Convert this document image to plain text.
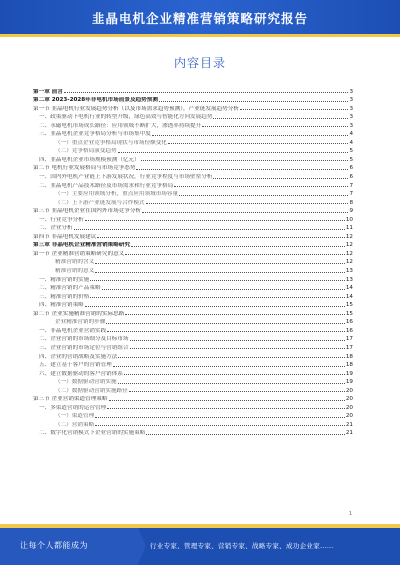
韭晶电机企业精准营销策略研究报告
内容目录
第一章 前言	3
第二章 2023-2028年非电机市场前景及趋势预测	3
第一节 韭晶电机行业发展趋势分析（以及市场需求趋势预测），产业链发展趋势分析	3
一、政策驱动下电机行业的转型升级，绿色高效与智能化方向发展趋势	3
二、永磁电机市场成长路径：应用领域不断扩大，渗透率持续提升	3
三、韭晶电机企业竞争格局分析与市场集中度	4
（一）重点企业竞争格局现状与市场份额变化	4
（二）竞争格局演变趋势	5
四、韭晶电机企业市场规模预测（亿元）	5
第二节 电机行业发展格局与市场竞争态势	6
一、国内外电机产业链上下游发展状况，行业竞争程度与市场壁垒分析	6
二、韭晶电机产品技术路径及市场需求和行业竞争格局	7
（一）主要应用领域分析，重点应用领域市场容量	7
（二）上下游产业链发展与合作模式	8
第三节 韭晶电机企业在国内外市场竞争分析	9
一、行业竞争分析	10
二、企业分析	11
第四节 非晶电机发展建议	12
第三章 非晶电机企业精准营销策略研究	12
第一节 企业精准营销策略研究的意义	12
精准营销的含义	12
精准营销的意义	13
一、精准营销的实施	13
二、精准营销的产品策略	14
三、精准营销的价格	14
四、精准营销策略	15
第二节 企业实施精准营销的实际思路	15
企业精准营销的步骤	16
一、非晶电机企业营销实践	16
二、企业营销的市场细分及目标市场	17
三、企业营销的市场定位与营销组合	17
四、企业的营销战略及实施方法	18
五、建立基于客户的营销管理	18
六、建立数据驱动的客户营销体系	19
（一）数据驱动营销实施	19
（二）数据驱动营销实施路径	20
第三节 企业营销渠道管理策略	20
一、多渠道营销的运营管理	20
（一）渠道管理	20
（二）营销策略	21
二、数字化营销模式下企业营销的实施策略	21
1
让每个人都能成为	行业专家、管理专家、营销专家、战略专家、成功企业家……
